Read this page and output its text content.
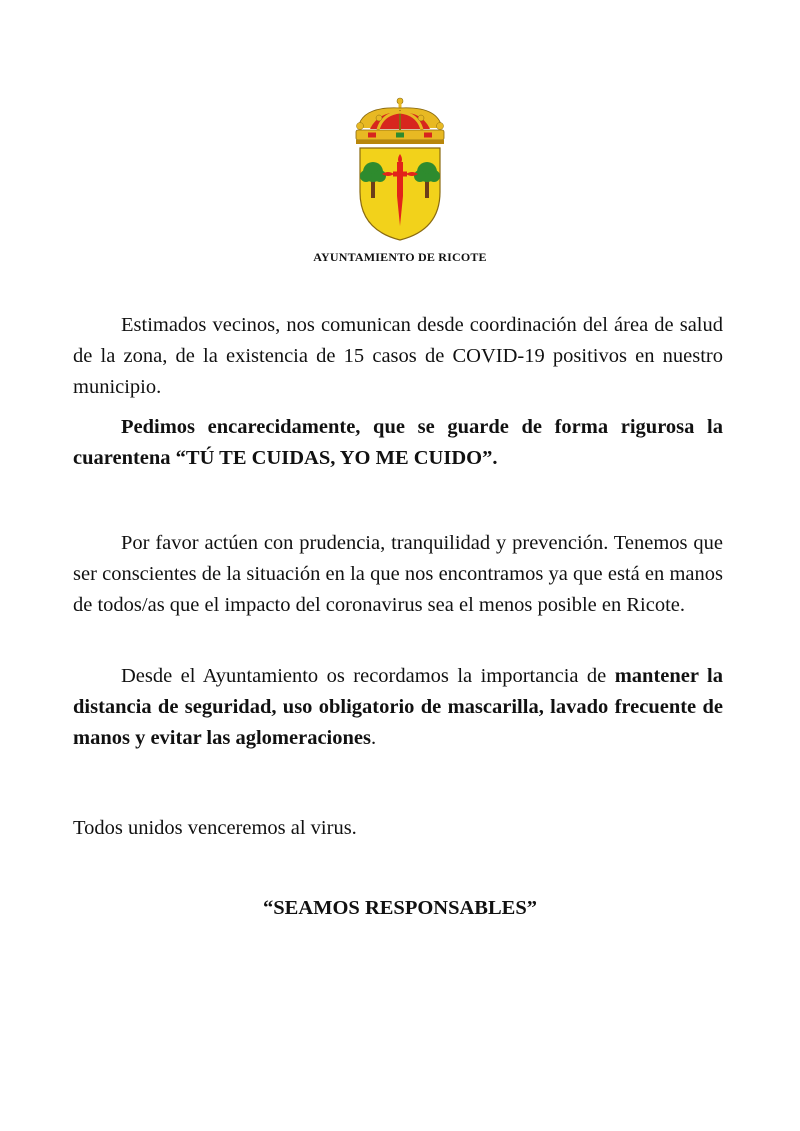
AYUNTAMIENTO DE RICOTE

Estimados vecinos, nos comunican desde coordinación del área de salud de la zona, de la existencia de 15 casos de COVID-19 positivos en nuestro municipio.

Pedimos encarecidamente, que se guarde de forma rigurosa la cuarentena “TÚ TE CUIDAS, YO ME CUIDO”.

Por favor actúen con prudencia, tranquilidad y prevención. Tenemos que ser conscientes de la situación en la que nos encontramos ya que está en manos de todos/as que el impacto del coronavirus sea el menos posible en Ricote.

Desde el Ayuntamiento os recordamos la importancia de mantener la distancia de seguridad, uso obligatorio de mascarilla, lavado frecuente de manos y evitar las aglomeraciones.

Todos unidos venceremos al virus.

“SEAMOS RESPONSABLES”
